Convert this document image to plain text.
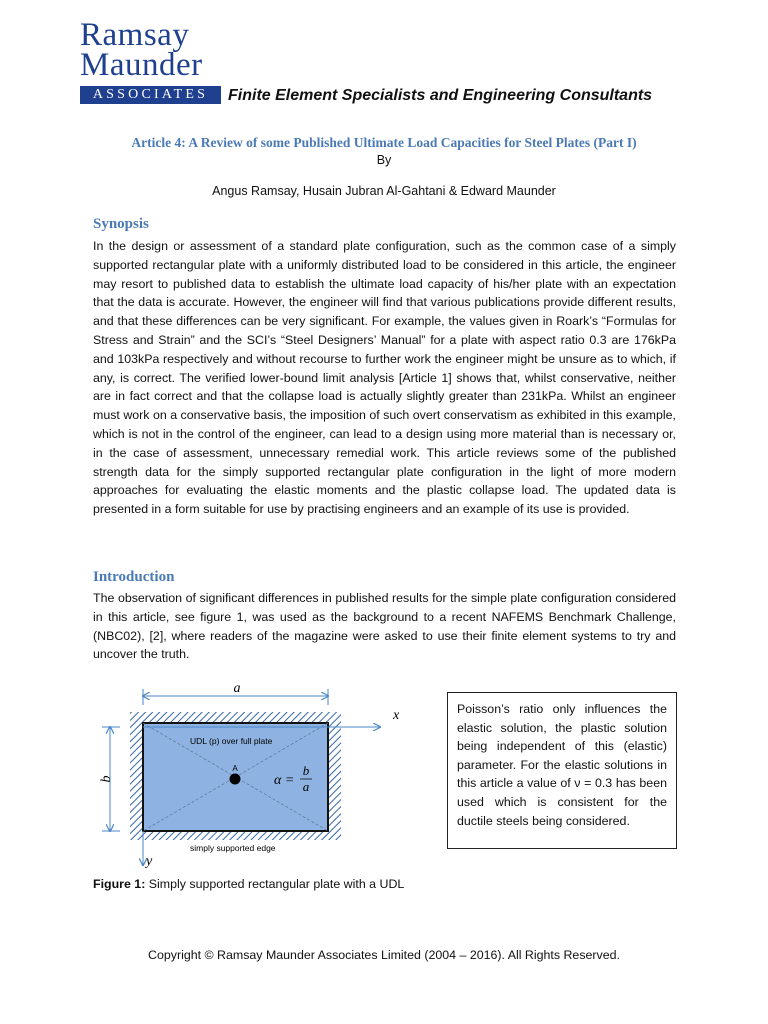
Ramsay
Maunder
ASSOCIATES	Finite Element Specialists and Engineering Consultants
Article 4: A Review of some Published Ultimate Load Capacities for Steel Plates (Part I)
By
Angus Ramsay, Husain Jubran Al-Gahtani & Edward Maunder
Synopsis
In the design or assessment of a standard plate configuration, such as the common case of a simply supported rectangular plate with a uniformly distributed load to be considered in this article, the engineer may resort to published data to establish the ultimate load capacity of his/her plate with an expectation that the data is accurate. However, the engineer will find that various publications provide different results, and that these differences can be very significant. For example, the values given in Roark’s “Formulas for Stress and Strain” and the SCI’s “Steel Designers’ Manual” for a plate with aspect ratio 0.3 are 176kPa and 103kPa respectively and without recourse to further work the engineer might be unsure as to which, if any, is correct. The verified lower-bound limit analysis [Article 1] shows that, whilst conservative, neither are in fact correct and that the collapse load is actually slightly greater than 231kPa. Whilst an engineer must work on a conservative basis, the imposition of such overt conservatism as exhibited in this example, which is not in the control of the engineer, can lead to a design using more material than is necessary or, in the case of assessment, unnecessary remedial work. This article reviews some of the published strength data for the simply supported rectangular plate configuration in the light of more modern approaches for evaluating the elastic moments and the plastic collapse load. The updated data is presented in a form suitable for use by practising engineers and an example of its use is provided.
Introduction
The observation of significant differences in published results for the simple plate configuration considered in this article, see figure 1, was used as the background to a recent NAFEMS Benchmark Challenge, (NBC02), [2], where readers of the magazine were asked to use their finite element systems to try and uncover the truth.
a
b
x
y
UDL (p) over full plate
A
α =
b
a
simply supported edge
Poisson’s ratio only influences the elastic solution, the plastic solution being independent of this (elastic) parameter. For the elastic solutions in this article a value of ν = 0.3 has been used which is consistent for the ductile steels being considered.
Figure 1: Simply supported rectangular plate with a UDL
Copyright © Ramsay Maunder Associates Limited (2004 – 2016). All Rights Reserved.
